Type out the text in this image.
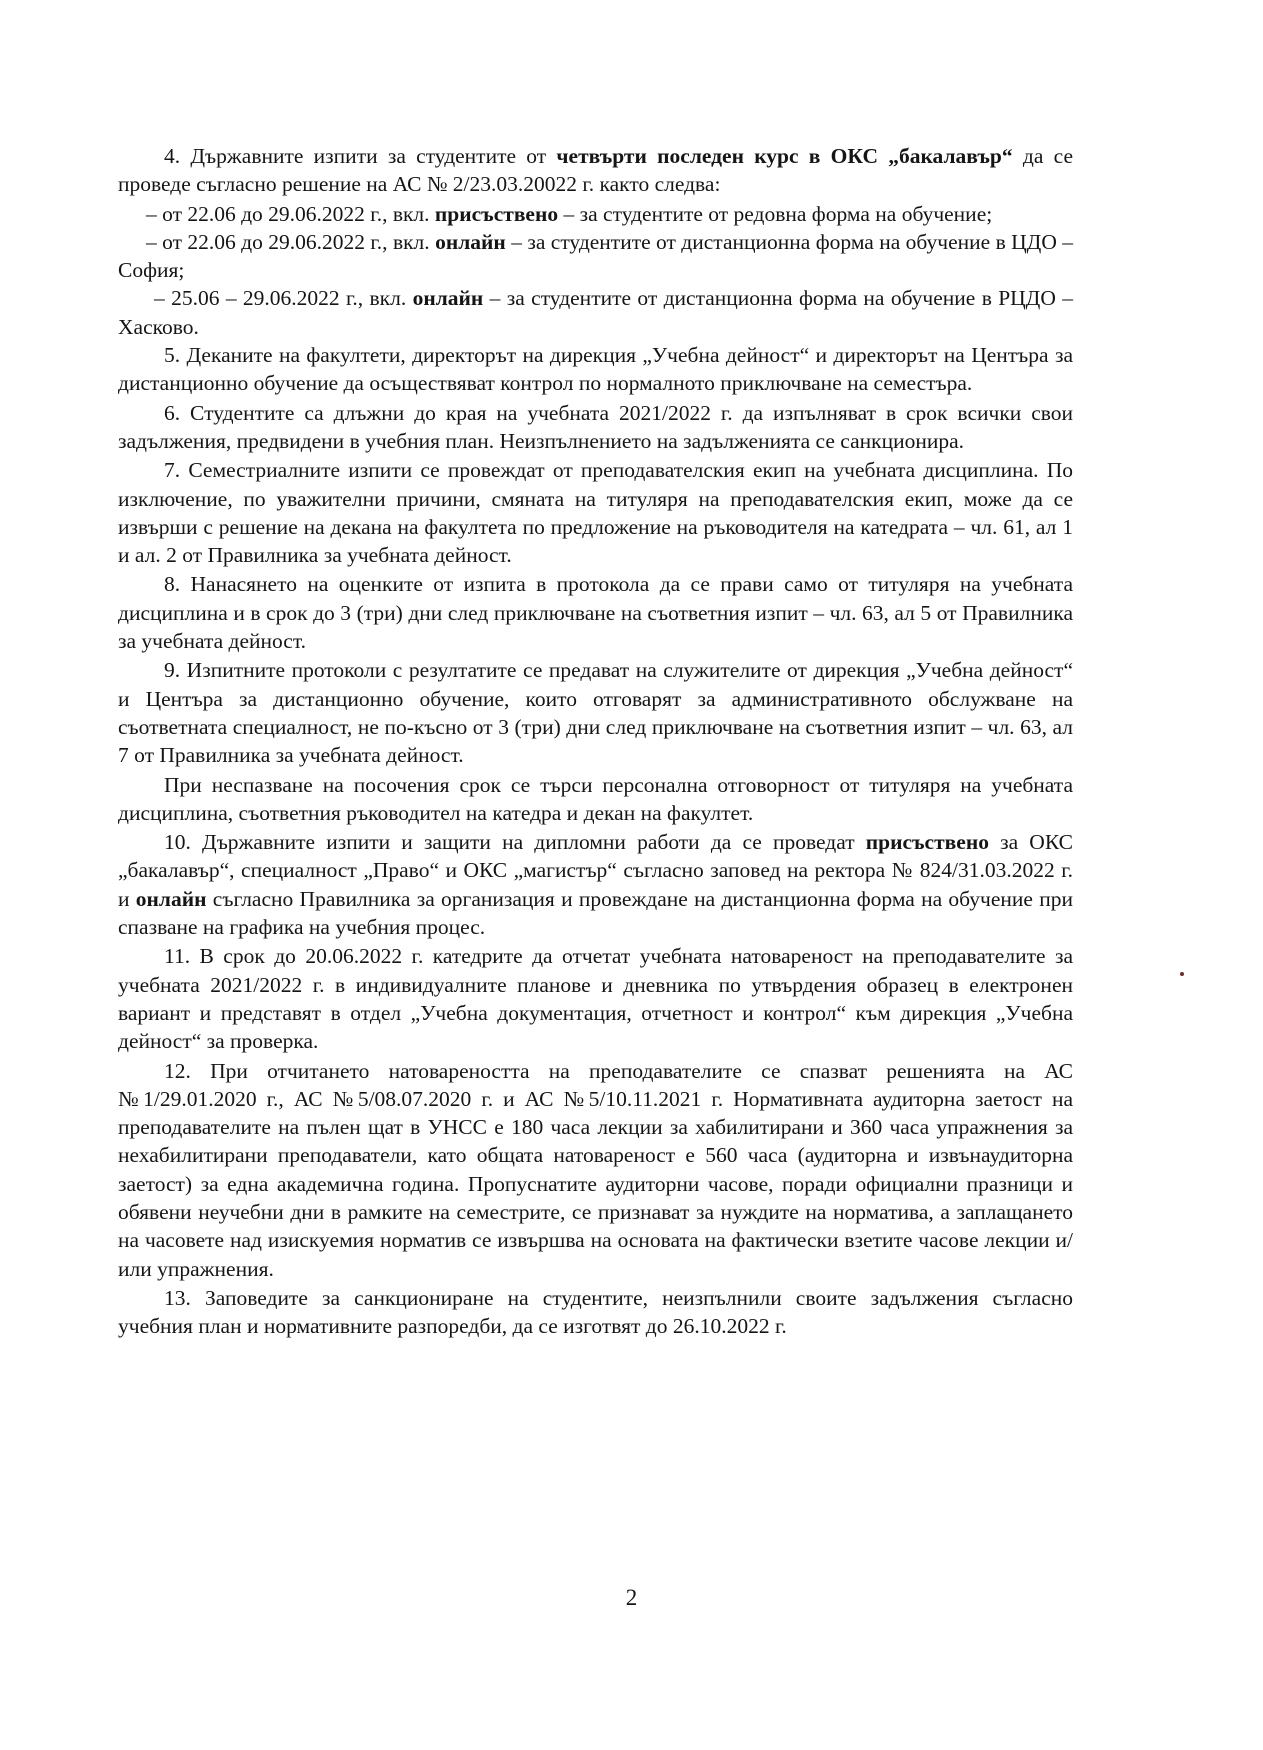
4. Държавните изпити за студентите от четвърти последен курс в ОКС „бакалавър“ да се проведе съгласно решение на АС № 2/23.03.20022 г. както следва:

– от 22.06 до 29.06.2022 г., вкл. присъствено – за студентите от редовна форма на обучение;

– от 22.06 до 29.06.2022 г., вкл. онлайн – за студентите от дистанционна форма на обучение в ЦДО – София;

– 25.06 – 29.06.2022 г., вкл. онлайн – за студентите от дистанционна форма на обучение в РЦДО – Хасково.

5. Деканите на факултети, директорът на дирекция „Учебна дейност“ и директорът на Центъра за дистанционно обучение да осъществяват контрол по нормалното приключване на семестъра.

6. Студентите са длъжни до края на учебната 2021/2022 г. да изпълняват в срок всички свои задължения, предвидени в учебния план. Неизпълнението на задълженията се санкционира.

7. Семестриалните изпити се провеждат от преподавателския екип на учебната дисциплина. По изключение, по уважителни причини, смяната на титуляря на преподавателския екип, може да се извърши с решение на декана на факултета по предложение на ръководителя на катедрата – чл. 61, ал 1 и ал. 2 от Правилника за учебната дейност.

8. Нанасянето на оценките от изпита в протокола да се прави само от титуляря на учебната дисциплина и в срок до 3 (три) дни след приключване на съответния изпит – чл. 63, ал 5 от Правилника за учебната дейност.

9. Изпитните протоколи с резултатите се предават на служителите от дирекция „Учебна дейност“ и Центъра за дистанционно обучение, които отговарят за административното обслужване на съответната специалност, не по-късно от 3 (три) дни след приключване на съответния изпит – чл. 63, ал 7 от Правилника за учебната дейност.

При неспазване на посочения срок се търси персонална отговорност от титуляря на учебната дисциплина, съответния ръководител на катедра и декан на факултет.

10. Държавните изпити и защити на дипломни работи да се проведат присъствено за ОКС „бакалавър“, специалност „Право“ и ОКС „магистър“ съгласно заповед на ректора № 824/31.03.2022 г. и онлайн съгласно Правилника за организация и провеждане на дистанционна форма на обучение при спазване на графика на учебния процес.

11. В срок до 20.06.2022 г. катедрите да отчетат учебната натовареност на преподавателите за учебната 2021/2022 г. в индивидуалните планове и дневника по утвърдения образец в електронен вариант и представят в отдел „Учебна документация, отчетност и контрол“ към дирекция „Учебна дейност“ за проверка.

12. При отчитането натовареността на преподавателите се спазват решенията на АС №1/29.01.2020 г., АС №5/08.07.2020 г. и АС №5/10.11.2021 г. Нормативната аудиторна заетост на преподавателите на пълен щат в УНСС е 180 часа лекции за хабилитирани и 360 часа упражнения за нехабилитирани преподаватели, като общата натовареност е 560 часа (аудиторна и извънаудиторна заетост) за една академична година. Пропуснатите аудиторни часове, поради официални празници и обявени неучебни дни в рамките на семестрите, се признават за нуждите на норматива, а заплащането на часовете над изискуемия норматив се извършва на основата на фактически взетите часове лекции и/или упражнения.

13. Заповедите за санкциониране на студентите, неизпълнили своите задължения съгласно учебния план и нормативните разпоредби, да се изготвят до 26.10.2022 г.

2
